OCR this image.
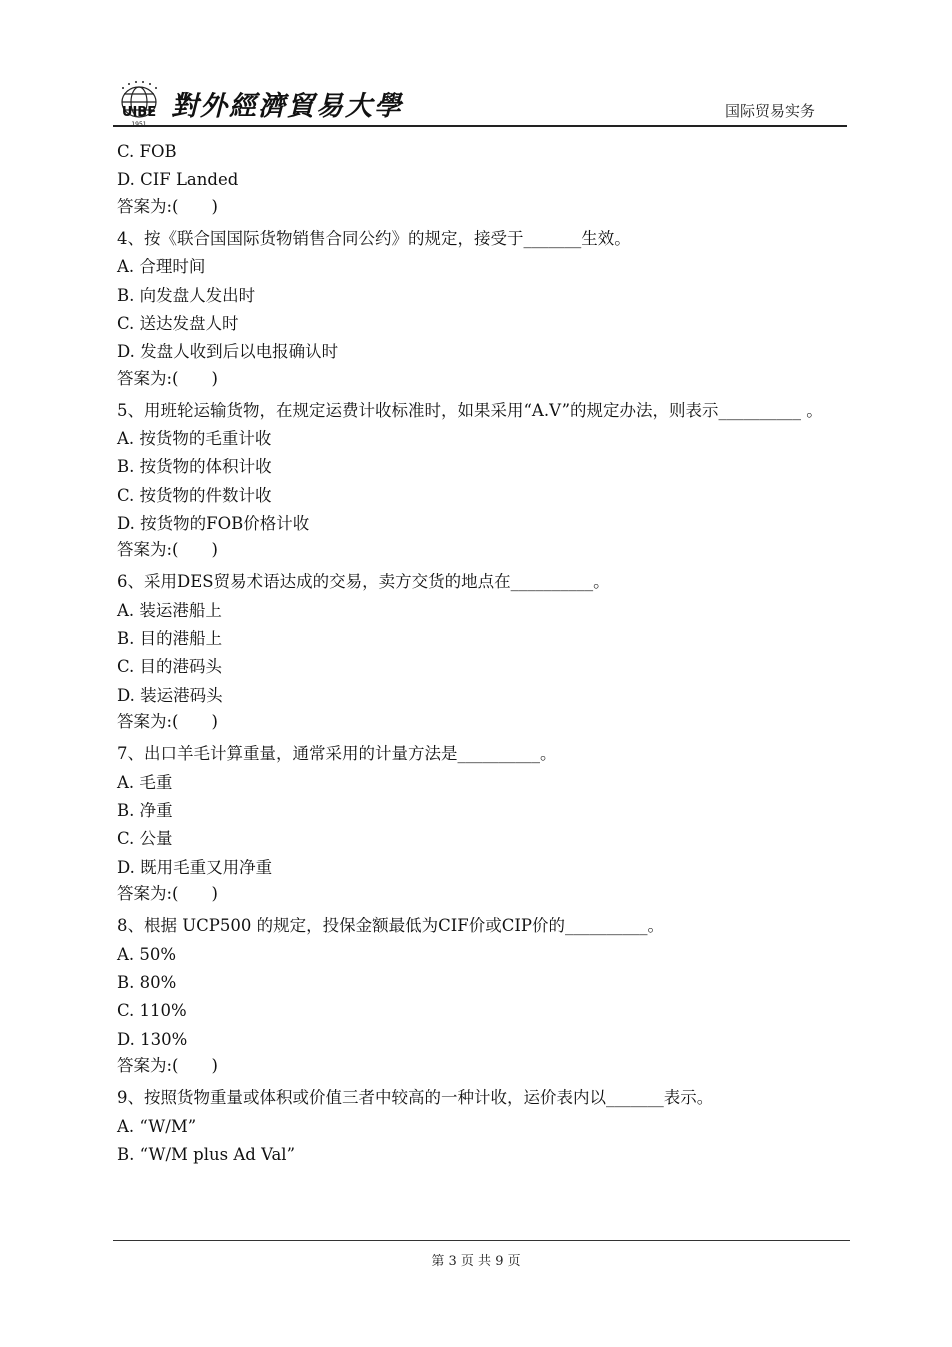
UIBE 對外經濟貿易大學	国际贸易实务
C. FOB
D. CIF Landed
答案为:(　　)
4、按《联合国国际货物销售合同公约》的规定，接受于_______生效。
A. 合理时间
B. 向发盘人发出时
C. 送达发盘人时
D. 发盘人收到后以电报确认时
答案为:(　　)
5、用班轮运输货物，在规定运费计收标准时，如果采用“A.V”的规定办法，则表示__________ 。
A. 按货物的毛重计收
B. 按货物的体积计收
C. 按货物的件数计收
D. 按货物的FOB价格计收
答案为:(　　)
6、采用DES贸易术语达成的交易，卖方交货的地点在__________。
A. 装运港船上
B. 目的港船上
C. 目的港码头
D. 装运港码头
答案为:(　　)
7、出口羊毛计算重量，通常采用的计量方法是__________。
A. 毛重
B. 净重
C. 公量
D. 既用毛重又用净重
答案为:(　　)
8、根据 UCP500 的规定，投保金额最低为CIF价或CIP价的__________。
A. 50%
B. 80%
C. 110%
D. 130%
答案为:(　　)
9、按照货物重量或体积或价值三者中较高的一种计收，运价表内以_______表示。
A. “W/M”
B. “W/M plus Ad Val”
第 3 页 共 9 页
